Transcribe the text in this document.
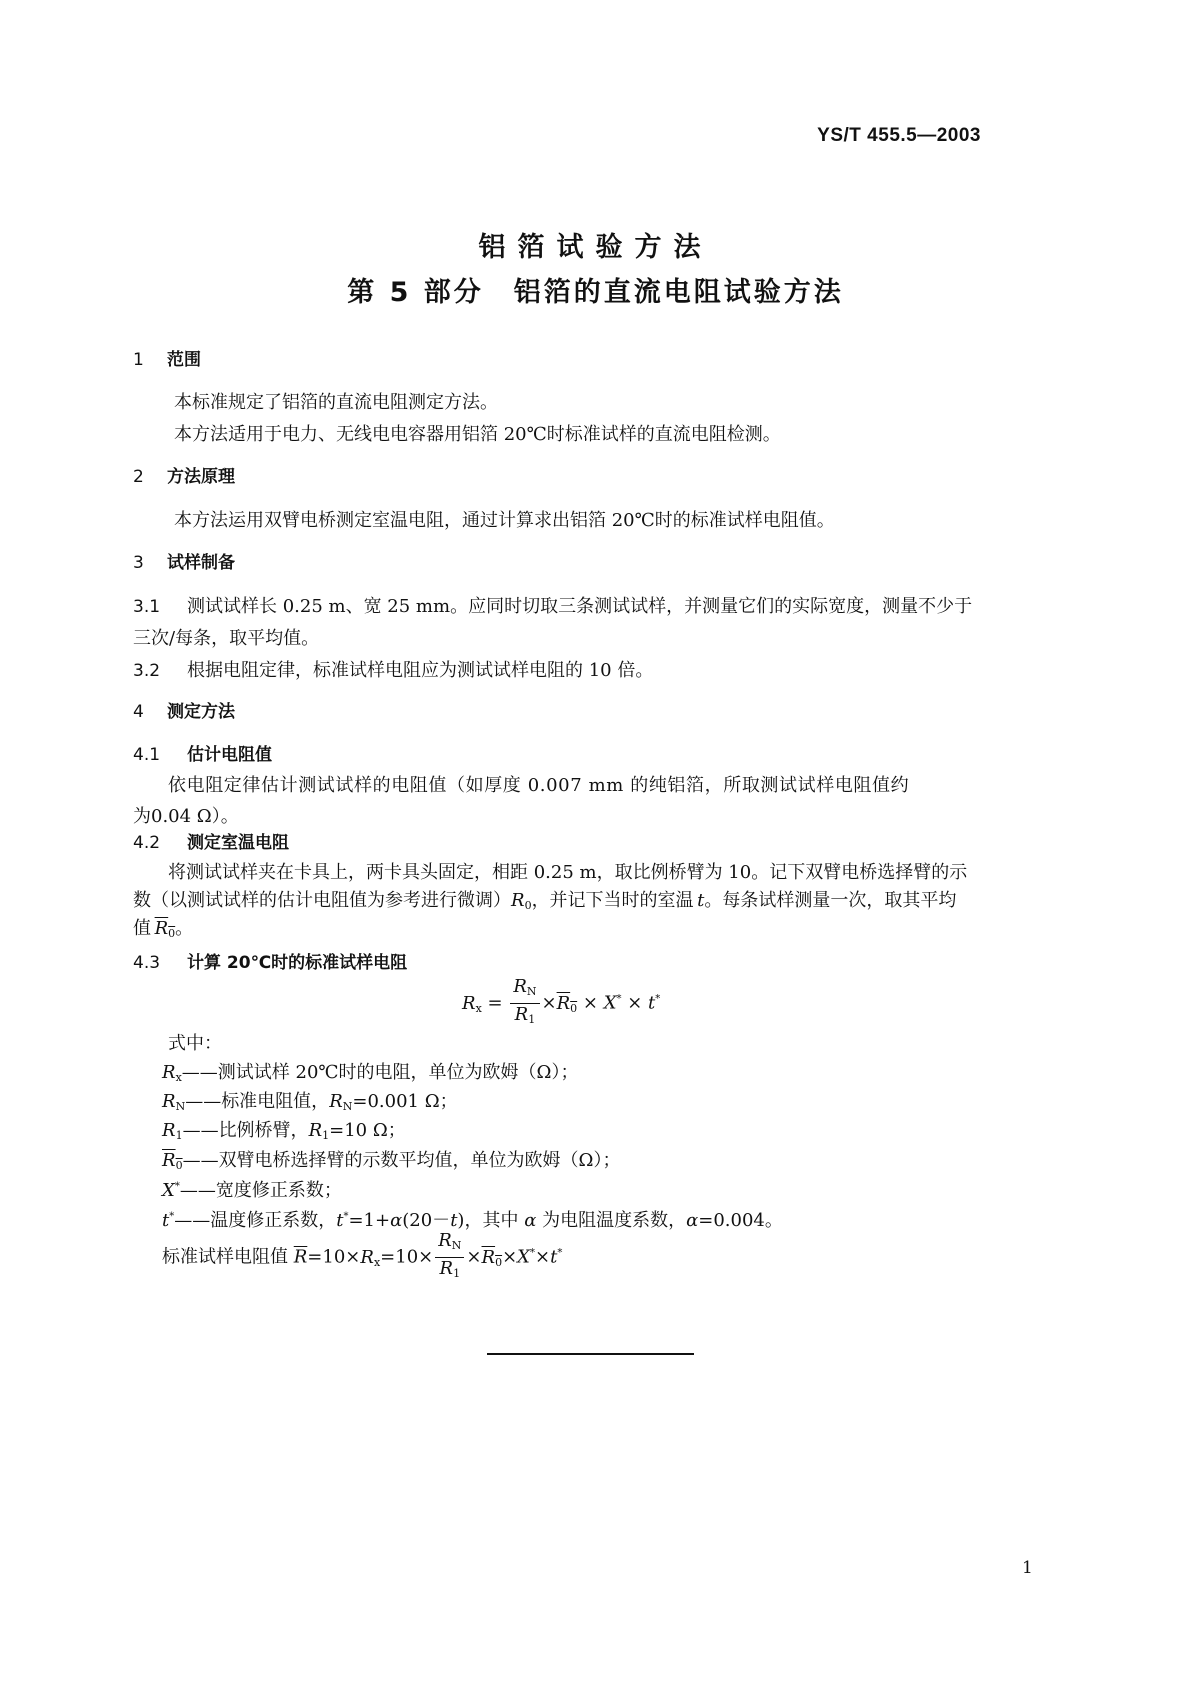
YS/T 455.5—2003
铝箔试验方法
第 5 部分　铝箔的直流电阻试验方法
1 范围
本标准规定了铝箔的直流电阻测定方法。
本方法适用于电力、无线电电容器用铝箔 20℃时标准试样的直流电阻检测。
2 方法原理
本方法运用双臂电桥测定室温电阻，通过计算求出铝箔 20℃时的标准试样电阻值。
3 试样制备
3.1 测试试样长 0.25 m、宽 25 mm。应同时切取三条测试试样，并测量它们的实际宽度，测量不少于
三次/每条，取平均值。
3.2 根据电阻定律，标准试样电阻应为测试试样电阻的 10 倍。
4 测定方法
4.1 估计电阻值
依电阻定律估计测试试样的电阻值（如厚度 0.007 mm 的纯铝箔，所取测试试样电阻值约
为0.04 Ω）。
4.2 测定室温电阻
将测试试样夹在卡具上，两卡具头固定，相距 0.25 m，取比例桥臂为 10。记下双臂电桥选择臂的示
数（以测试试样的估计电阻值为参考进行微调）$R_0$，并记下当时的室温  t。每条试样测量一次，取其平均
值  $R_0$。
4.3 计算 20℃时的标准试样电阻
$R_x = \frac{R_N}{R_1} \times R_0 \times X^* \times t^*$
式中：
$R_x——$测试试样 20℃时的电阻，单位为欧姆（Ω）；
$R_N——$标准电阻值，$R_N=0.001$ Ω；
$R_1——$比例桥臂，$R_1=10$ Ω；
$R_0——$双臂电桥选择臂的示数平均值，单位为欧姆（Ω）；
X*——宽度修正系数；
t*——温度修正系数，t*=1+α(20－t)，其中 α 为电阻温度系数，α=0.004。
标准试样电阻值 $\overline{R}=10\times R_x=10\times \frac{R_N}{R_1} \times R_0\times X^*\times t^*$
1
